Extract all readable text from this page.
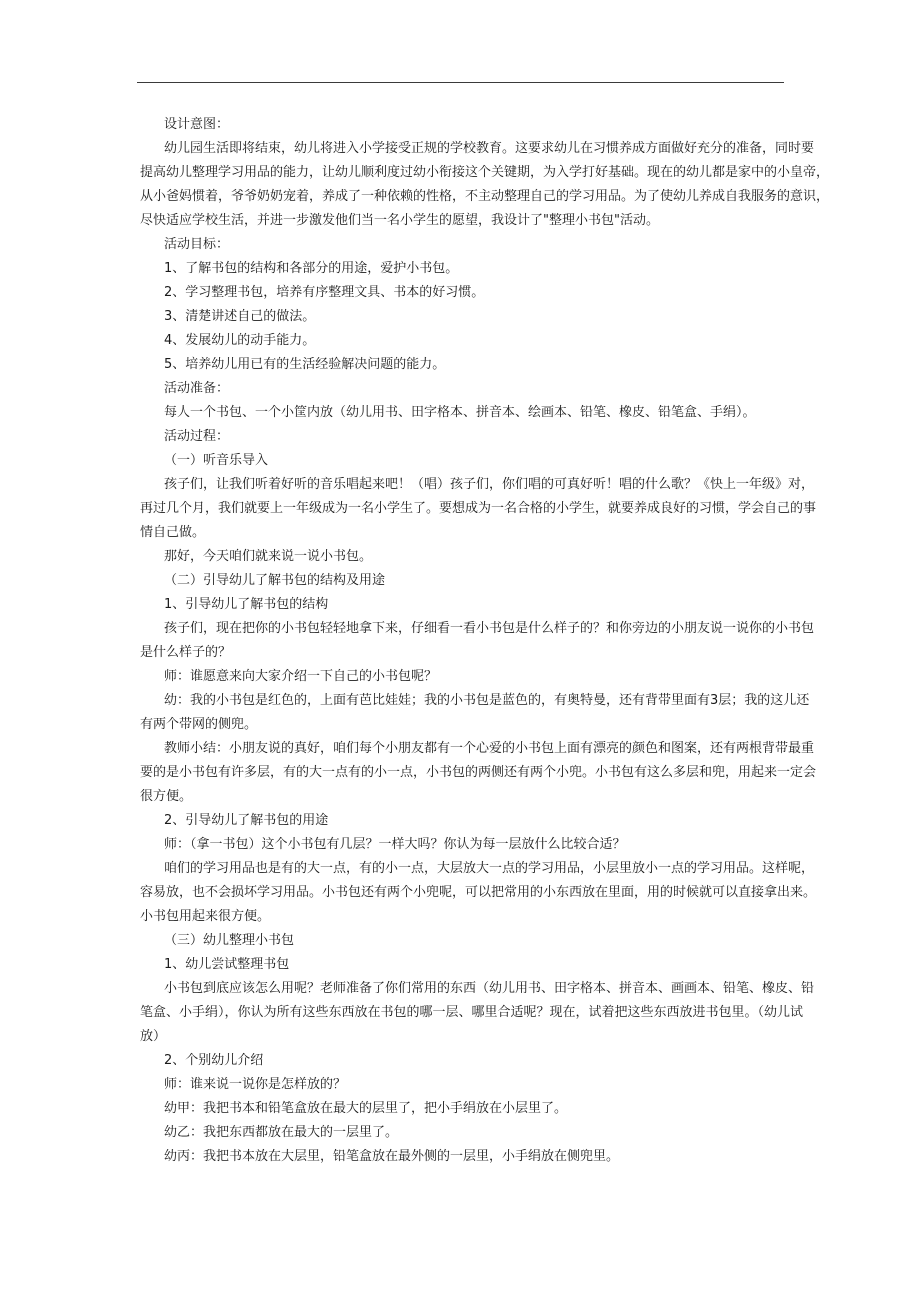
设计意图：

幼儿园生活即将结束，幼儿将进入小学接受正规的学校教育。这要求幼儿在习惯养成方面做好充分的准备，同时要

提高幼儿整理学习用品的能力，让幼儿顺利度过幼小衔接这个关键期，为入学打好基础。现在的幼儿都是家中的小皇帝，

从小爸妈惯着，爷爷奶奶宠着，养成了一种依赖的性格，不主动整理自己的学习用品。为了使幼儿养成自我服务的意识，

尽快适应学校生活，并进一步激发他们当一名小学生的愿望，我设计了"整理小书包"活动。

活动目标：

1、了解书包的结构和各部分的用途，爱护小书包。

2、学习整理书包，培养有序整理文具、书本的好习惯。

3、清楚讲述自己的做法。

4、发展幼儿的动手能力。

5、培养幼儿用已有的生活经验解决问题的能力。

活动准备：

每人一个书包、一个小筐内放（幼儿用书、田字格本、拼音本、绘画本、铅笔、橡皮、铅笔盒、手绢）。

活动过程：

（一）听音乐导入

孩子们，让我们听着好听的音乐唱起来吧！（唱）孩子们，你们唱的可真好听！唱的什么歌？《快上一年级》对，

再过几个月，我们就要上一年级成为一名小学生了。要想成为一名合格的小学生，就要养成良好的习惯，学会自己的事

情自己做。

那好，今天咱们就来说一说小书包。

（二）引导幼儿了解书包的结构及用途

1、引导幼儿了解书包的结构

孩子们，现在把你的小书包轻轻地拿下来，仔细看一看小书包是什么样子的？和你旁边的小朋友说一说你的小书包

是什么样子的？

师：谁愿意来向大家介绍一下自己的小书包呢？

幼：我的小书包是红色的，上面有芭比娃娃；我的小书包是蓝色的，有奥特曼，还有背带里面有3层；我的这儿还

有两个带网的侧兜。

教师小结：小朋友说的真好，咱们每个小朋友都有一个心爱的小书包上面有漂亮的颜色和图案，还有两根背带最重

要的是小书包有许多层，有的大一点有的小一点，小书包的两侧还有两个小兜。小书包有这么多层和兜，用起来一定会

很方便。

2、引导幼儿了解书包的用途

师：（拿一书包）这个小书包有几层？一样大吗？你认为每一层放什么比较合适？

咱们的学习用品也是有的大一点，有的小一点，大层放大一点的学习用品，小层里放小一点的学习用品。这样呢，

容易放，也不会损坏学习用品。小书包还有两个小兜呢，可以把常用的小东西放在里面，用的时候就可以直接拿出来。

小书包用起来很方便。

（三）幼儿整理小书包

1、幼儿尝试整理书包

小书包到底应该怎么用呢？老师准备了你们常用的东西（幼儿用书、田字格本、拼音本、画画本、铅笔、橡皮、铅

笔盒、小手绢），你认为所有这些东西放在书包的哪一层、哪里合适呢？现在，试着把这些东西放进书包里。（幼儿试

放）

2、个别幼儿介绍

师：谁来说一说你是怎样放的？

幼甲：我把书本和铅笔盒放在最大的层里了，把小手绢放在小层里了。

幼乙：我把东西都放在最大的一层里了。

幼丙：我把书本放在大层里，铅笔盒放在最外侧的一层里，小手绢放在侧兜里。
